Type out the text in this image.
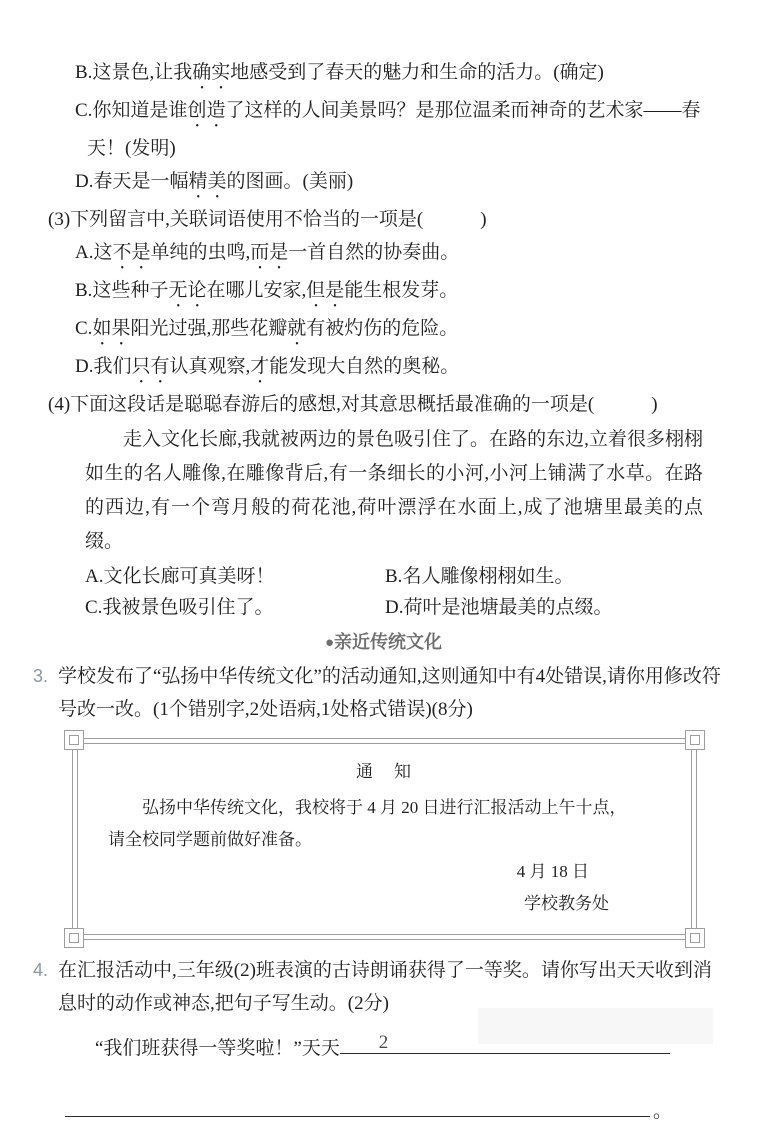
B.这景色,让我确实地感受到了春天的魅力和生命的活力。(确定)
C.你知道是谁创造了这样的人间美景吗？是那位温柔而神奇的艺术家——春天！(发明)
D.春天是一幅精美的图画。(美丽)
(3)下列留言中,关联词语使用不恰当的一项是(　　　)
A.这不是单纯的虫鸣,而是一首自然的协奏曲。
B.这些种子无论在哪儿安家,但是能生根发芽。
C.如果阳光过强,那些花瓣就有被灼伤的危险。
D.我们只有认真观察,才能发现大自然的奥秘。
(4)下面这段话是聪聪春游后的感想,对其意思概括最准确的一项是(　　　)
走入文化长廊,我就被两边的景色吸引住了。在路的东边,立着很多栩栩如生的名人雕像,在雕像背后,有一条细长的小河,小河上铺满了水草。在路的西边,有一个弯月般的荷花池,荷叶漂浮在水面上,成了池塘里最美的点缀。
A.文化长廊可真美呀！	B.名人雕像栩栩如生。
C.我被景色吸引住了。	D.荷叶是池塘最美的点缀。
●亲近传统文化
3. 学校发布了“弘扬中华传统文化”的活动通知,这则通知中有4处错误,请你用修改符号改一改。(1个错别字,2处语病,1处格式错误)(8分)
通　知
弘扬中华传统文化，我校将于 4 月 20 日进行汇报活动上午十点，
请全校同学题前做好准备。
4 月 18 日
学校教务处
4. 在汇报活动中,三年级(2)班表演的古诗朗诵获得了一等奖。请你写出天天收到消息时的动作或神态,把句子写生动。(2分)
“我们班获得一等奖啦！”天天
。
2
